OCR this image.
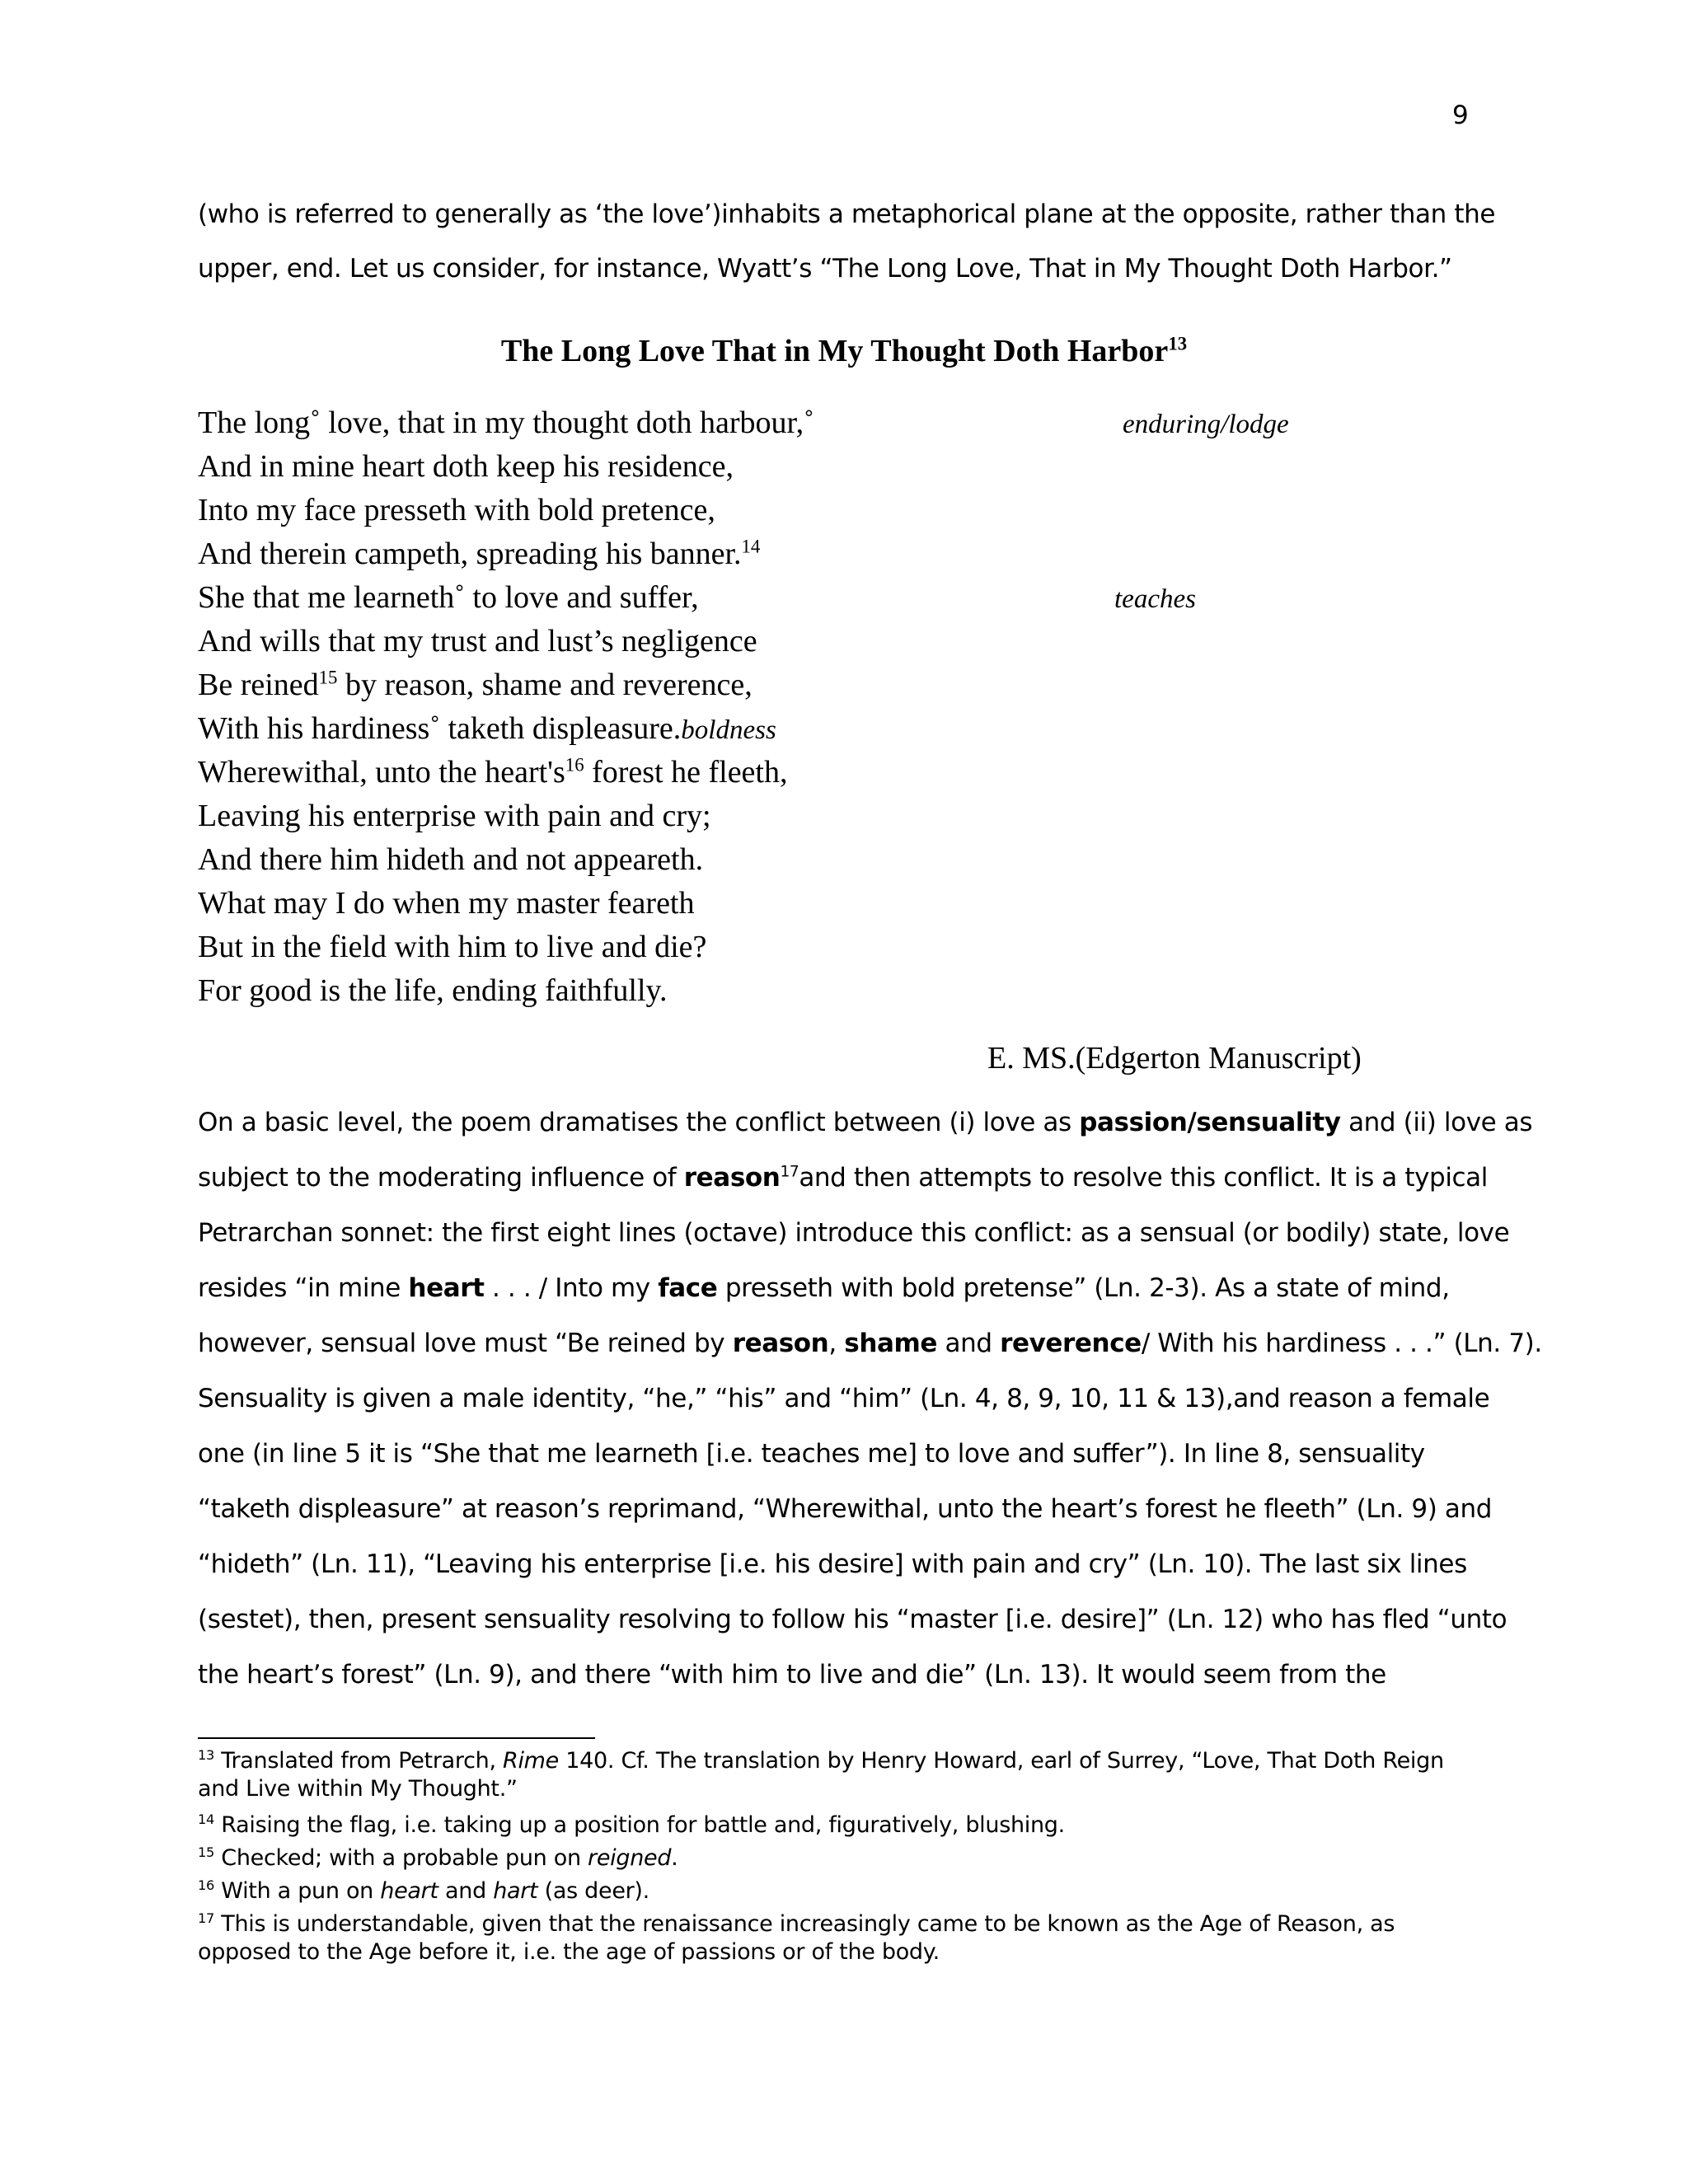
9
(who is referred to generally as ‘the love’)inhabits a metaphorical plane at the opposite, rather than the
upper, end. Let us consider, for instance, Wyatt’s “The Long Love, That in My Thought Doth Harbor.”
The Long Love That in My Thought Doth Harbor$^{13}$
The long˚ love, that in my thought doth harbour,˚
And in mine heart doth keep his residence,
Into my face presseth with bold pretence,
And therein campeth, spreading his banner.$^{14}$
She that me learneth˚ to love and suffer,
And wills that my trust and lust’s negligence
Be reined$^{15}$ by reason, shame and reverence,
With his hardiness˚ taketh displeasure.boldness
Wherewithal, unto the $heart's^{16}$ forest he fleeth,
Leaving his enterprise with pain and cry;
And there him hideth and not appeareth.
What may I do when my master feareth
But in the field with him to live and die?
For good is the life, ending faithfully.
enduring/lodge
teaches
E. MS.(Edgerton Manuscript)
On a basic level, the poem dramatises the conflict between (i) love as passion/sensuality and (ii) love as
subject to the moderating influence of reason$^{17}$and then attempts to resolve this conflict. It is a typical
Petrarchan sonnet: the first eight lines (octave) introduce this conflict: as a sensual (or bodily) state, love
resides “in mine heart . . . / Into my face presseth with bold pretense” (Ln. 2-3). As a state of mind,
however, sensual love must “Be reined by reason, shame and reverence/ With his hardiness . . .” (Ln. 7).
Sensuality is given a male identity, “he,” “his” and “him” (Ln. 4, 8, 9, 10, 11 & 13),and reason a female
one (in line 5 it is “She that me learneth [i.e. teaches me] to love and suffer”). In line 8, sensuality
“taketh displeasure” at reason’s reprimand, “Wherewithal, unto the heart’s forest he fleeth” (Ln. 9) and
“hideth” (Ln. 11), “Leaving his enterprise [i.e. his desire] with pain and cry” (Ln. 10). The last six lines
(sestet), then, present sensuality resolving to follow his “master [i.e. desire]” (Ln. 12) who has fled “unto
the heart’s forest” (Ln. 9), and there “with him to live and die” (Ln. 13). It would seem from the
$^{13}$ Translated from Petrarch, Rime 140. Cf. The translation by Henry Howard, earl of Surrey, “Love, That Doth Reign
and Live within My Thought.”
$^{14}$ Raising the flag, i.e. taking up a position for battle and, figuratively, blushing.
$^{15}$ Checked; with a probable pun on reigned.
$^{16}$ With a pun on heart and hart (as deer).
$^{17}$ This is understandable, given that the renaissance increasingly came to be known as the Age of Reason, as
opposed to the Age before it, i.e. the age of passions or of the body.
